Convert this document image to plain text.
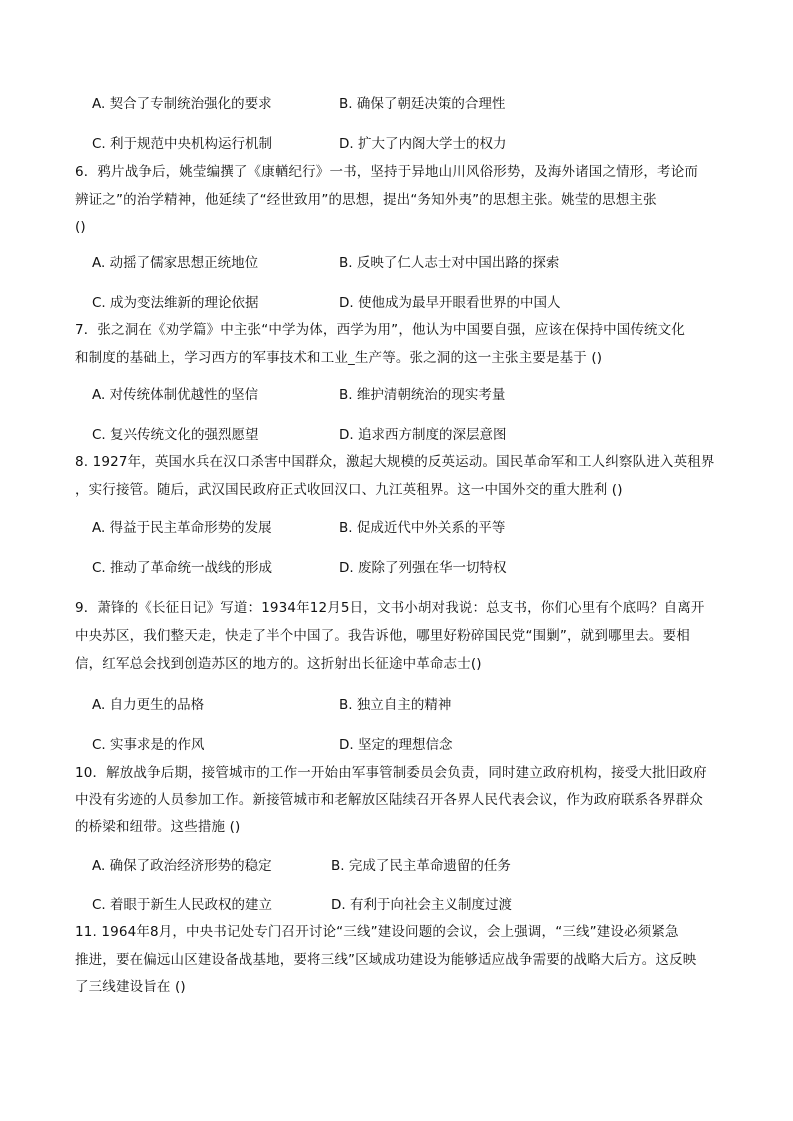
A. 契合了专制统治强化的要求	B. 确保了朝廷决策的合理性
C. 利于规范中央机构运行机制	D. 扩大了内阁大学士的权力
6．鸦片战争后，姚莹编撰了《康輶纪行》一书，坚持于异地山川风俗形势，及海外诸国之情形，考论而
辨证之”的治学精神，他延续了“经世致用”的思想，提出“务知外夷”的思想主张。姚莹的思想主张
()
A. 动摇了儒家思想正统地位	B. 反映了仁人志士对中国出路的探索
C. 成为变法维新的理论依据	D. 使他成为最早开眼看世界的中国人
7．张之洞在《劝学篇》中主张“中学为体，西学为用”，他认为中国要自强，应该在保持中国传统文化
和制度的基础上，学习西方的军事技术和工业_生产等。张之洞的这一主张主要是基于 ()
A. 对传统体制优越性的坚信	B. 维护清朝统治的现实考量
C. 复兴传统文化的强烈愿望	D. 追求西方制度的深层意图
8. 1927年，英国水兵在汉口杀害中国群众，激起大规模的反英运动。国民革命军和工人纠察队进入英租界
，实行接管。随后，武汉国民政府正式收回汉口、九江英租界。这一中国外交的重大胜利 ()
A. 得益于民主革命形势的发展	B. 促成近代中外关系的平等
C. 推动了革命统一战线的形成	D. 废除了列强在华一切特权
9．萧锋的《长征日记》写道：1934年12月5日，文书小胡对我说：总支书，你们心里有个底吗？自离开
中央苏区，我们整天走，快走了半个中国了。我告诉他，哪里好粉碎国民党“围剿”，就到哪里去。要相
信，红军总会找到创造苏区的地方的。这折射出长征途中革命志士()
A. 自力更生的品格	B. 独立自主的精神
C. 实事求是的作风	D. 坚定的理想信念
10．解放战争后期，接管城市的工作一开始由军事管制委员会负责，同时建立政府机构，接受大批旧政府
中没有劣迹的人员参加工作。新接管城市和老解放区陆续召开各界人民代表会议，作为政府联系各界群众
的桥梁和纽带。这些措施 ()
A. 确保了政治经济形势的稳定	B. 完成了民主革命遗留的任务
C. 着眼于新生人民政权的建立	D. 有利于向社会主义制度过渡
11. 1964年8月，中央书记处专门召开讨论“三线”建设问题的会议，会上强调，“三线”建设必须紧急
推进，要在偏远山区建设备战基地，要将三线”区域成功建设为能够适应战争需要的战略大后方。这反映
了三线建设旨在 ()
